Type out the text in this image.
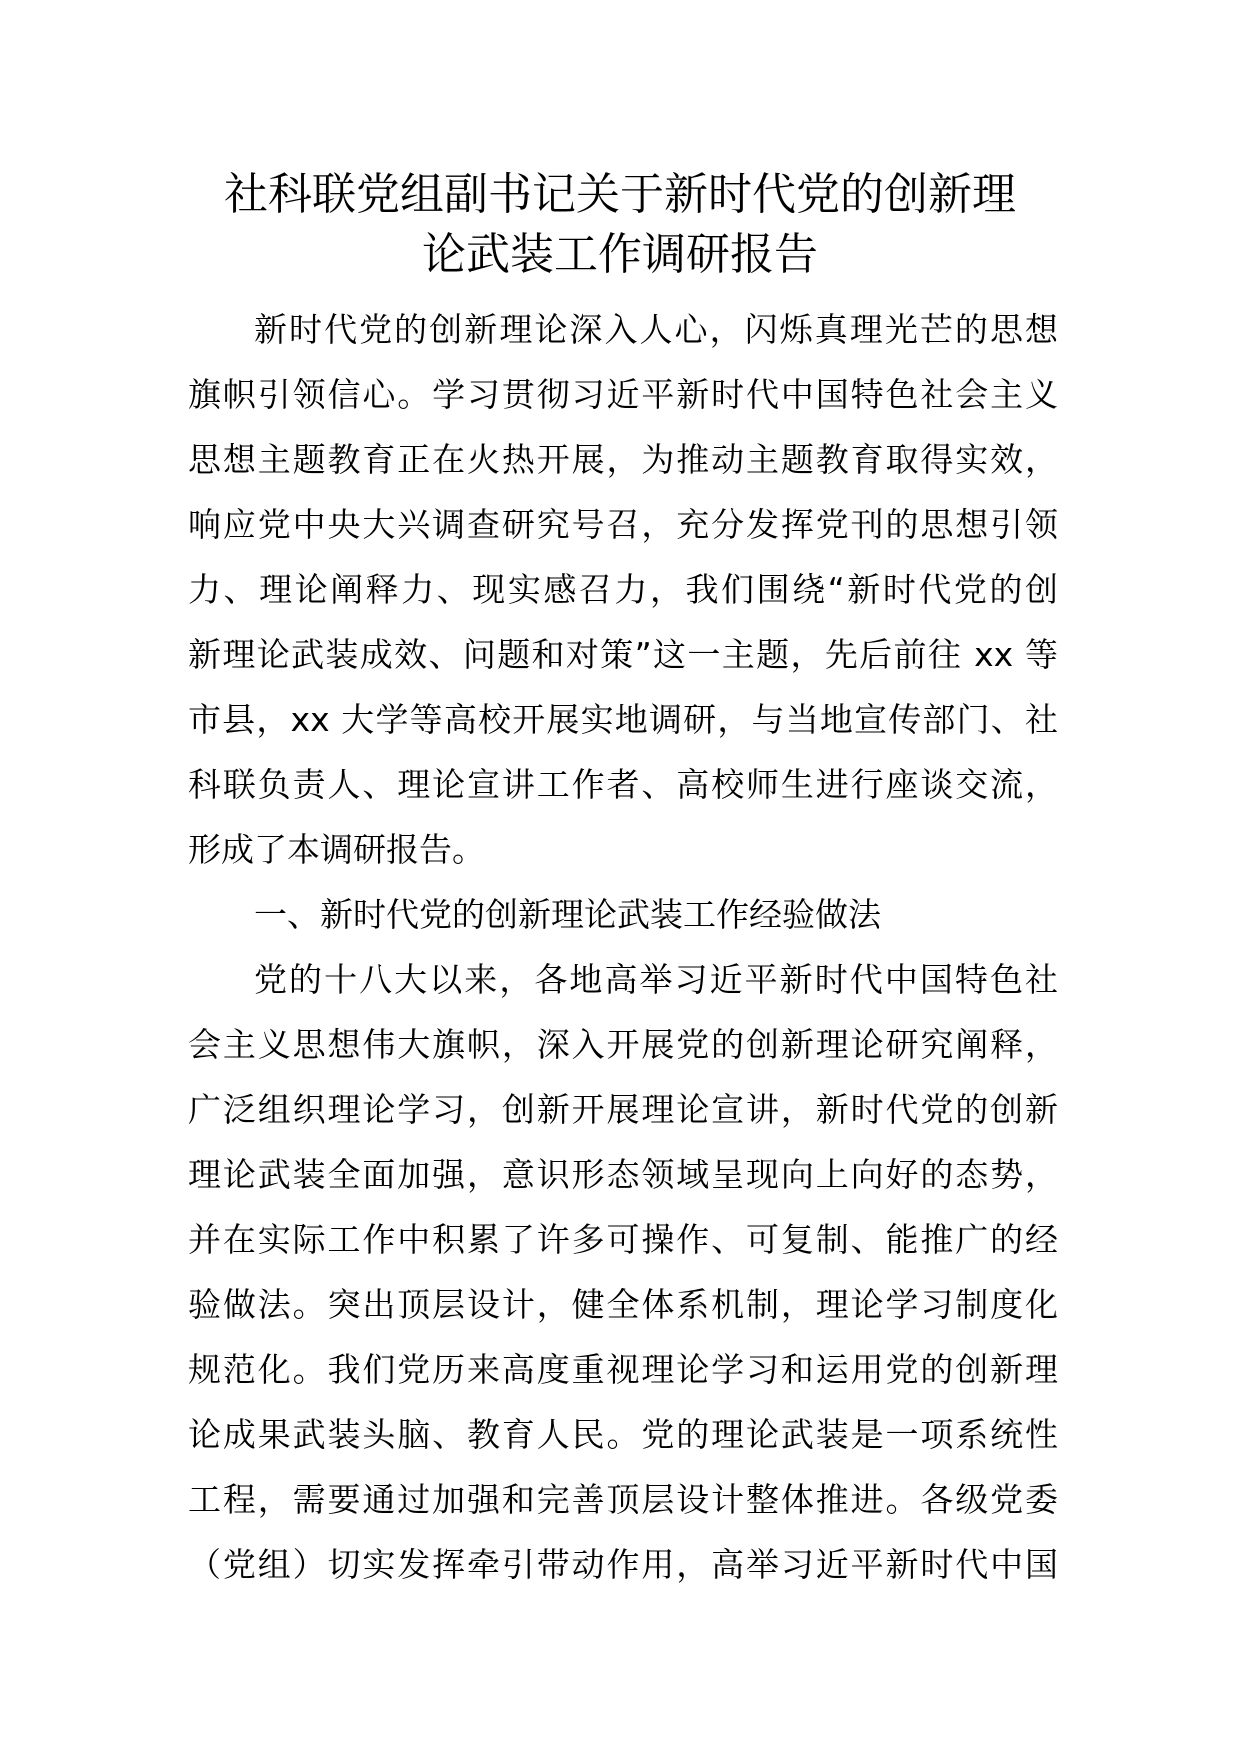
社科联党组副书记关于新时代党的创新理
论武装工作调研报告
新时代党的创新理论深入人心，闪烁真理光芒的思想
旗帜引领信心。学习贯彻习近平新时代中国特色社会主义
思想主题教育正在火热开展，为推动主题教育取得实效，
响应党中央大兴调查研究号召，充分发挥党刊的思想引领
力、理论阐释力、现实感召力，我们围绕“新时代党的创
新理论武装成效、问题和对策”这一主题，先后前往 xx 等
市县，xx 大学等高校开展实地调研，与当地宣传部门、社
科联负责人、理论宣讲工作者、高校师生进行座谈交流，
形成了本调研报告。
一、新时代党的创新理论武装工作经验做法
党的十八大以来，各地高举习近平新时代中国特色社
会主义思想伟大旗帜，深入开展党的创新理论研究阐释，
广泛组织理论学习，创新开展理论宣讲，新时代党的创新
理论武装全面加强，意识形态领域呈现向上向好的态势，
并在实际工作中积累了许多可操作、可复制、能推广的经
验做法。突出顶层设计，健全体系机制，理论学习制度化
规范化。我们党历来高度重视理论学习和运用党的创新理
论成果武装头脑、教育人民。党的理论武装是一项系统性
工程，需要通过加强和完善顶层设计整体推进。各级党委
（党组）切实发挥牵引带动作用，高举习近平新时代中国
